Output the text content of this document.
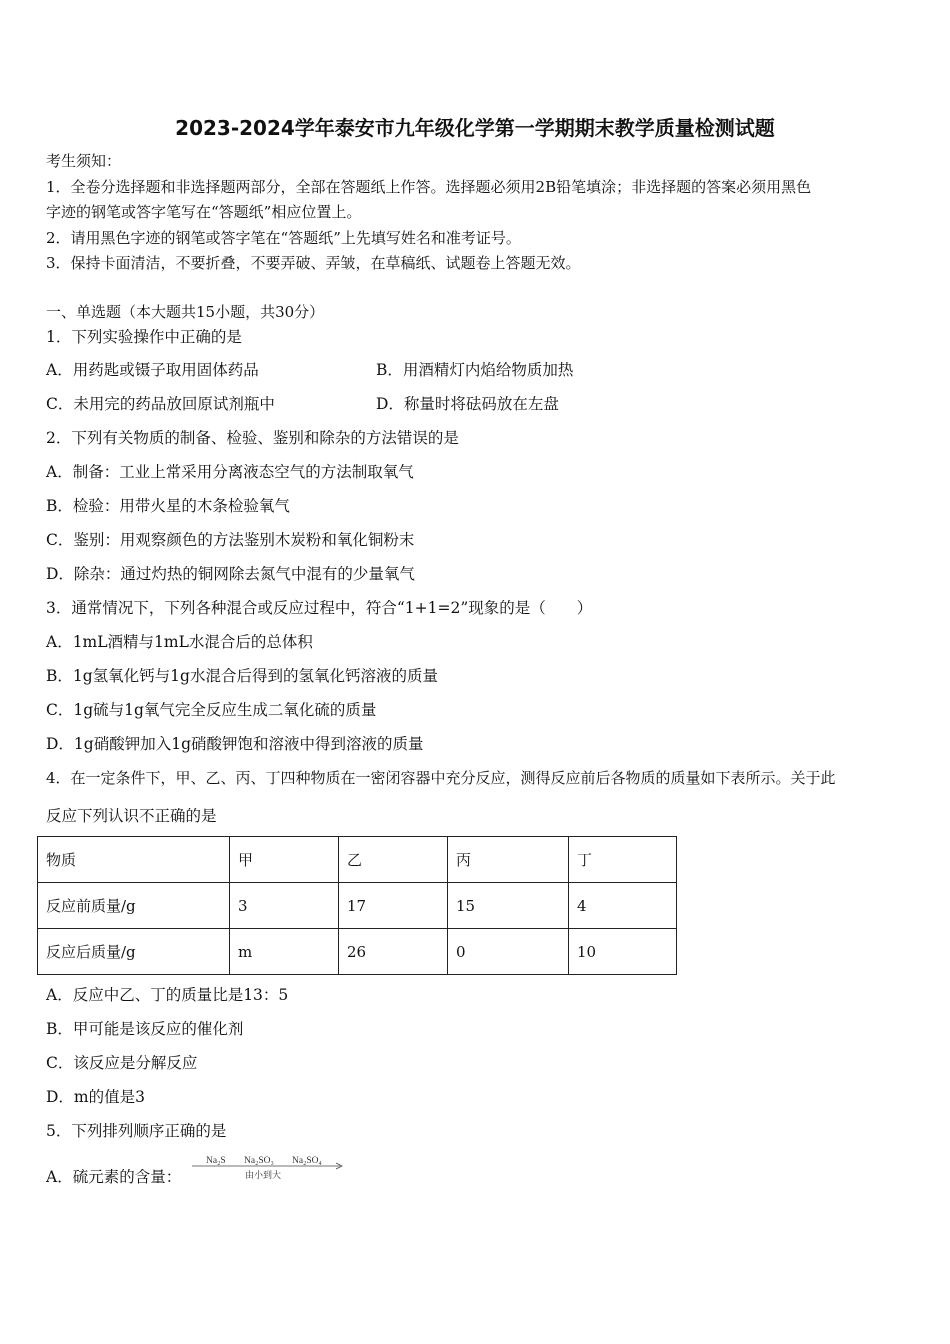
2023-2024学年泰安市九年级化学第一学期期末教学质量检测试题
考生须知：
1．全卷分选择题和非选择题两部分，全部在答题纸上作答。选择题必须用2B铅笔填涂；非选择题的答案必须用黑色
字迹的钢笔或答字笔写在“答题纸”相应位置上。
2．请用黑色字迹的钢笔或答字笔在“答题纸”上先填写姓名和准考证号。
3．保持卡面清洁，不要折叠，不要弄破、弄皱，在草稿纸、试题卷上答题无效。
一、单选题（本大题共15小题，共30分）
1．下列实验操作中正确的是
A．用药匙或镊子取用固体药品	B．用酒精灯内焰给物质加热
C．未用完的药品放回原试剂瓶中	D．称量时将砝码放在左盘
2．下列有关物质的制备、检验、鉴别和除杂的方法错误的是
A．制备：工业上常采用分离液态空气的方法制取氧气
B．检验：用带火星的木条检验氧气
C．鉴别：用观察颜色的方法鉴别木炭粉和氧化铜粉末
D．除杂：通过灼热的铜网除去氮气中混有的少量氧气
3．通常情况下，下列各种混合或反应过程中，符合“1+1=2”现象的是（　　）
A．1mL酒精与1mL水混合后的总体积
B．1g氢氧化钙与1g水混合后得到的氢氧化钙溶液的质量
C．1g硫与1g氧气完全反应生成二氧化硫的质量
D．1g硝酸钾加入1g硝酸钾饱和溶液中得到溶液的质量
4．在一定条件下，甲、乙、丙、丁四种物质在一密闭容器中充分反应，测得反应前后各物质的质量如下表所示。关于此
反应下列认识不正确的是
物质	甲	乙	丙	丁
反应前质量/g	3	17	15	4
反应后质量/g	m	26	0	10
A．反应中乙、丁的质量比是13：5
B．甲可能是该反应的催化剂
C．该反应是分解反应
D．m的值是3
5．下列排列顺序正确的是
A．硫元素的含量：
Na₂S Na₂SO₃ Na₂SO₄
由小到大
